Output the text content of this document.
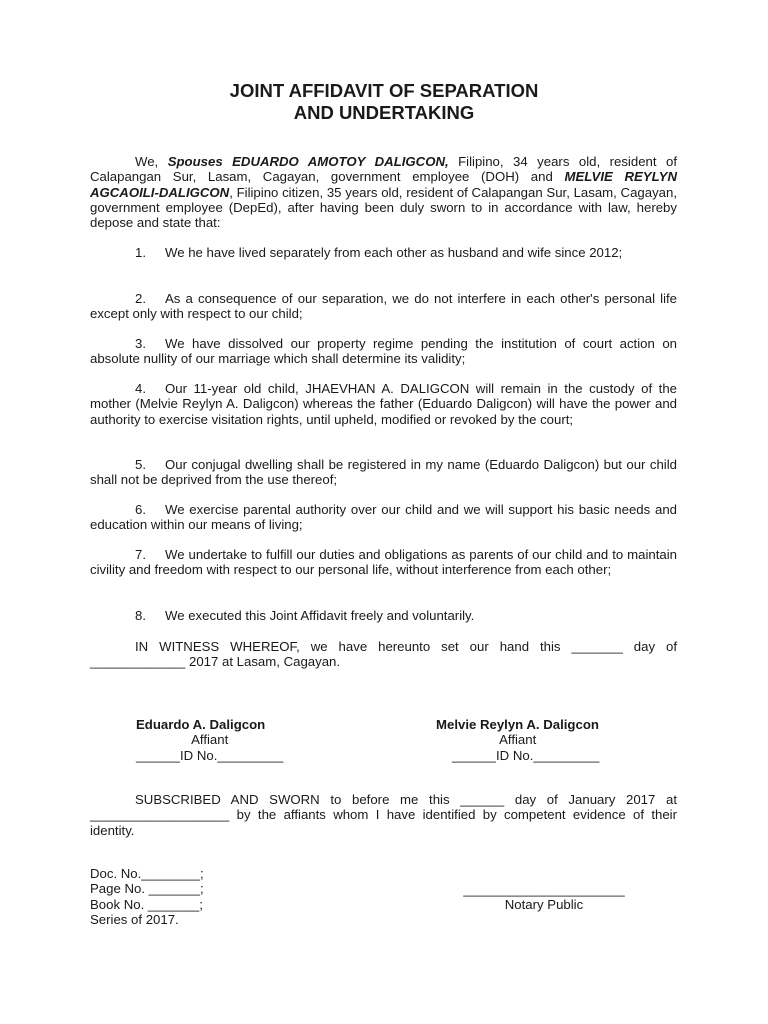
JOINT AFFIDAVIT OF SEPARATION
AND UNDERTAKING

We, Spouses EDUARDO AMOTOY DALIGCON, Filipino, 34 years old, resident of Calapangan Sur, Lasam, Cagayan, government employee (DOH) and MELVIE REYLYN AGCAOILI-DALIGCON, Filipino citizen, 35 years old, resident of Calapangan Sur, Lasam, Cagayan, government employee (DepEd), after having been duly sworn to in accordance with law, hereby depose and state that:

1. We he have lived separately from each other as husband and wife since 2012;

2. As a consequence of our separation, we do not interfere in each other's personal life except only with respect to our child;

3. We have dissolved our property regime pending the institution of court action on absolute nullity of our marriage which shall determine its validity;

4. Our 11-year old child, JHAEVHAN A. DALIGCON will remain in the custody of the mother (Melvie Reylyn A. Daligcon) whereas the father (Eduardo Daligcon) will have the power and authority to exercise visitation rights, until upheld, modified or revoked by the court;

5. Our conjugal dwelling shall be registered in my name (Eduardo Daligcon) but our child shall not be deprived from the use thereof;

6. We exercise parental authority over our child and we will support his basic needs and education within our means of living;

7. We undertake to fulfill our duties and obligations as parents of our child and to maintain civility and freedom with respect to our personal life, without interference from each other;

8. We executed this Joint Affidavit freely and voluntarily.

IN WITNESS WHEREOF, we have hereunto set our hand this _______ day of _____________ 2017 at Lasam, Cagayan.

Eduardo A. Daligcon
Affiant
______ID No._________
Melvie Reylyn A. Daligcon
Affiant
______ID No._________

SUBSCRIBED AND SWORN to before me this ______ day of January 2017 at ___________________ by the affiants whom I have identified by competent evidence of their identity.

Doc. No.________;
Page No. _______;
Book No. _______;
Series of 2017.
______________________
Notary Public
